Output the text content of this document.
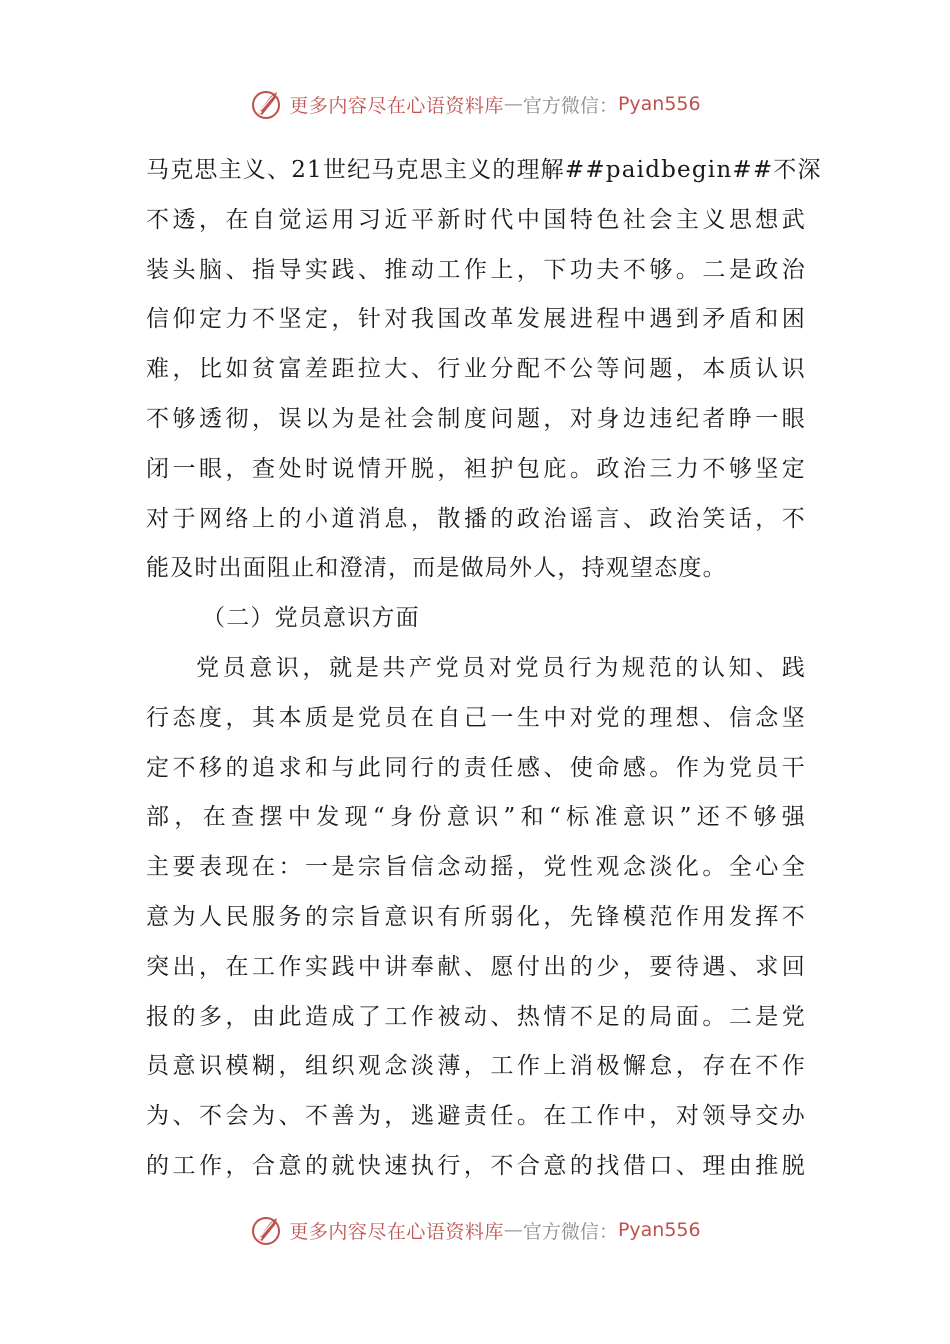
更多内容尽在心语资料库 — 官方微信： Pyan556
马克思主义、21世纪马克思主义的理解##paidbegin##不深
不透，在自觉运用习近平新时代中国特色社会主义思想武
装头脑、指导实践、推动工作上，下功夫不够。二是政治
信仰定力不坚定，针对我国改革发展进程中遇到矛盾和困
难，比如贫富差距拉大、行业分配不公等问题，本质认识
不够透彻，误以为是社会制度问题，对身边违纪者睁一眼
闭一眼，查处时说情开脱，袒护包庇。政治三力不够坚定
对于网络上的小道消息，散播的政治谣言、政治笑话，不
能及时出面阻止和澄清，而是做局外人，持观望态度。
（二）党员意识方面
党员意识，就是共产党员对党员行为规范的认知、践
行态度，其本质是党员在自己一生中对党的理想、信念坚
定不移的追求和与此同行的责任感、使命感。作为党员干
部，在查摆中发现“身份意识”和“标准意识”还不够强
主要表现在：一是宗旨信念动摇，党性观念淡化。全心全
意为人民服务的宗旨意识有所弱化，先锋模范作用发挥不
突出，在工作实践中讲奉献、愿付出的少，要待遇、求回
报的多，由此造成了工作被动、热情不足的局面。二是党
员意识模糊，组织观念淡薄，工作上消极懈怠，存在不作
为、不会为、不善为，逃避责任。在工作中，对领导交办
的工作，合意的就快速执行，不合意的找借口、理由推脱
更多内容尽在心语资料库 — 官方微信： Pyan556
